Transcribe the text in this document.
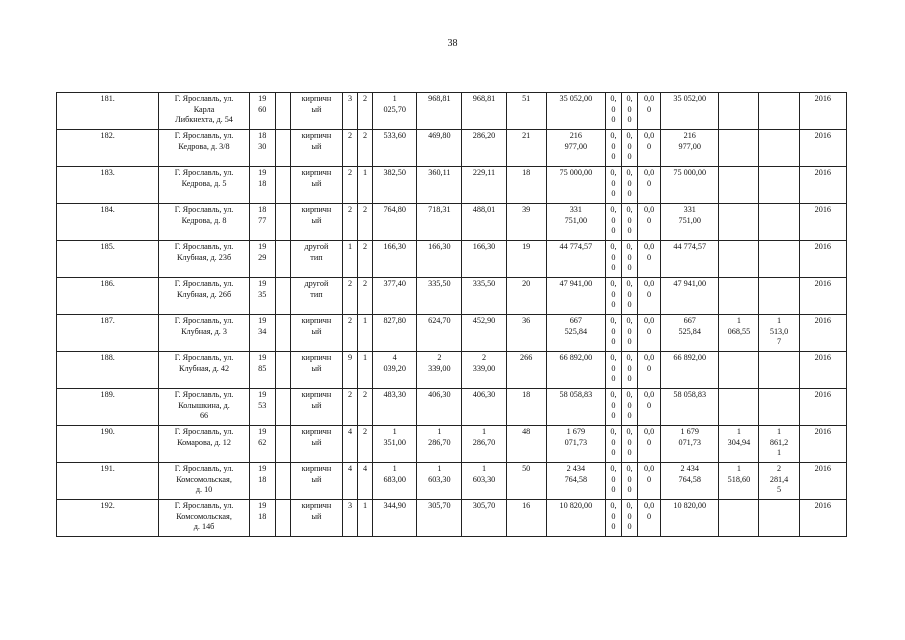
38
181.	Г. Ярославль, ул.
Карла
Либкнехта, д. 54	19
60		кирпичн
ый	3	2	1
025,70	968,81	968,81	51	35 052,00	0,
0
0	0,
0
0	0,0
0	35 052,00			2016
182.	Г. Ярославль, ул.
Кедрова, д. 3/8	18
30		кирпичн
ый	2	2	533,60	469,80	286,20	21	216
977,00	0,
0
0	0,
0
0	0,0
0	216
977,00			2016
183.	Г. Ярославль, ул.
Кедрова, д. 5	19
18		кирпичн
ый	2	1	382,50	360,11	229,11	18	75 000,00	0,
0
0	0,
0
0	0,0
0	75 000,00			2016
184.	Г. Ярославль, ул.
Кедрова, д. 8	18
77		кирпичн
ый	2	2	764,80	718,31	488,01	39	331
751,00	0,
0
0	0,
0
0	0,0
0	331
751,00			2016
185.	Г. Ярославль, ул.
Клубная, д. 23б	19
29		другой
тип	1	2	166,30	166,30	166,30	19	44 774,57	0,
0
0	0,
0
0	0,0
0	44 774,57			2016
186.	Г. Ярославль, ул.
Клубная, д. 26б	19
35		другой
тип	2	2	377,40	335,50	335,50	20	47 941,00	0,
0
0	0,
0
0	0,0
0	47 941,00			2016
187.	Г. Ярославль, ул.
Клубная, д. 3	19
34		кирпичн
ый	2	1	827,80	624,70	452,90	36	667
525,84	0,
0
0	0,
0
0	0,0
0	667
525,84	1
068,55	1
513,0
7	2016
188.	Г. Ярославль, ул.
Клубная, д. 42	19
85		кирпичн
ый	9	1	4
039,20	2
339,00	2
339,00	266	66 892,00	0,
0
0	0,
0
0	0,0
0	66 892,00			2016
189.	Г. Ярославль, ул.
Колышкина, д.
66	19
53		кирпичн
ый	2	2	483,30	406,30	406,30	18	58 058,83	0,
0
0	0,
0
0	0,0
0	58 058,83			2016
190.	Г. Ярославль, ул.
Комарова, д. 12	19
62		кирпичн
ый	4	2	1
351,00	1
286,70	1
286,70	48	1 679
071,73	0,
0
0	0,
0
0	0,0
0	1 679
071,73	1
304,94	1
861,2
1	2016
191.	Г. Ярославль, ул.
Комсомольская,
д. 10	19
18		кирпичн
ый	4	4	1
683,00	1
603,30	1
603,30	50	2 434
764,58	0,
0
0	0,
0
0	0,0
0	2 434
764,58	1
518,60	2
281,4
5	2016
192.	Г. Ярославль, ул.
Комсомольская,
д. 14б	19
18		кирпичн
ый	3	1	344,90	305,70	305,70	16	10 820,00	0,
0
0	0,
0
0	0,0
0	10 820,00			2016
